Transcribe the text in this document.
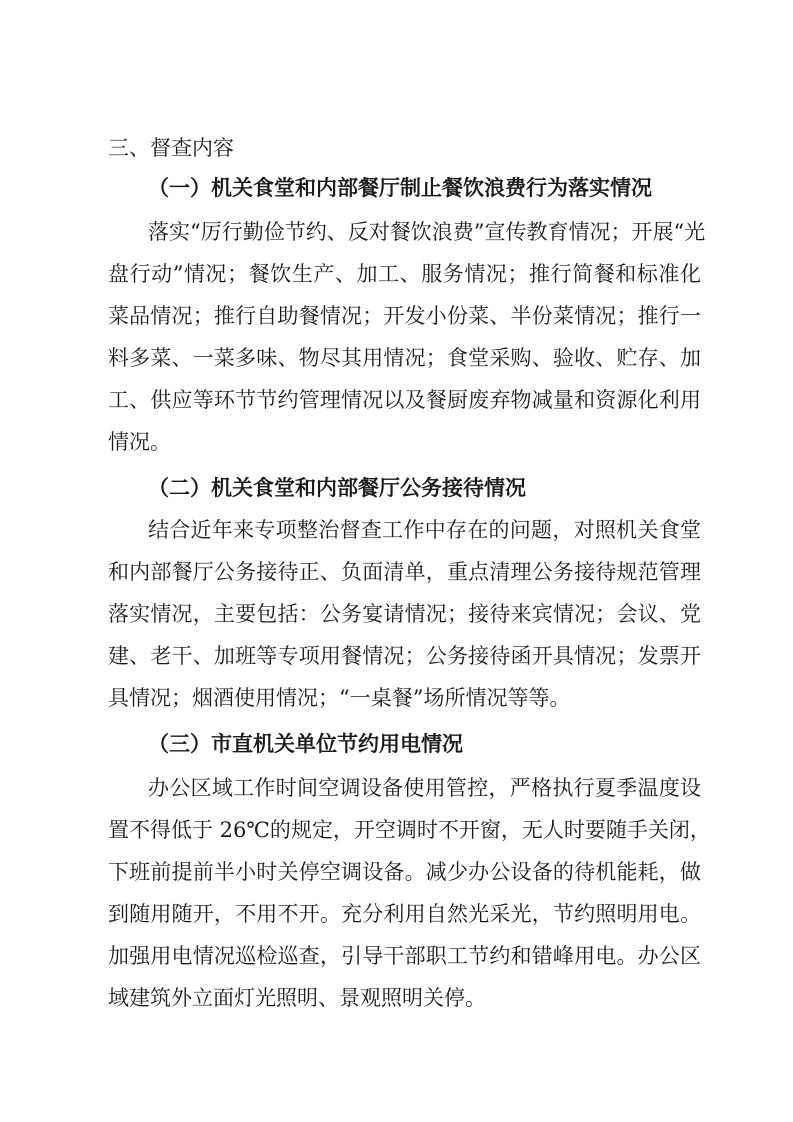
三、督查内容
（一）机关食堂和内部餐厅制止餐饮浪费行为落实情况
落实“厉行勤俭节约、反对餐饮浪费”宣传教育情况；开展“光
盘行动”情况；餐饮生产、加工、服务情况；推行简餐和标准化
菜品情况；推行自助餐情况；开发小份菜、半份菜情况；推行一
料多菜、一菜多味、物尽其用情况；食堂采购、验收、贮存、加
工、供应等环节节约管理情况以及餐厨废弃物减量和资源化利用
情况。
（二）机关食堂和内部餐厅公务接待情况
结合近年来专项整治督查工作中存在的问题，对照机关食堂
和内部餐厅公务接待正、负面清单，重点清理公务接待规范管理
落实情况，主要包括：公务宴请情况；接待来宾情况；会议、党
建、老干、加班等专项用餐情况；公务接待函开具情况；发票开
具情况；烟酒使用情况；“一桌餐”场所情况等等。
（三）市直机关单位节约用电情况
办公区域工作时间空调设备使用管控，严格执行夏季温度设
置不得低于 26℃的规定，开空调时不开窗，无人时要随手关闭，
下班前提前半小时关停空调设备。减少办公设备的待机能耗，做
到随用随开，不用不开。充分利用自然光采光，节约照明用电。
加强用电情况巡检巡查，引导干部职工节约和错峰用电。办公区
域建筑外立面灯光照明、景观照明关停。
